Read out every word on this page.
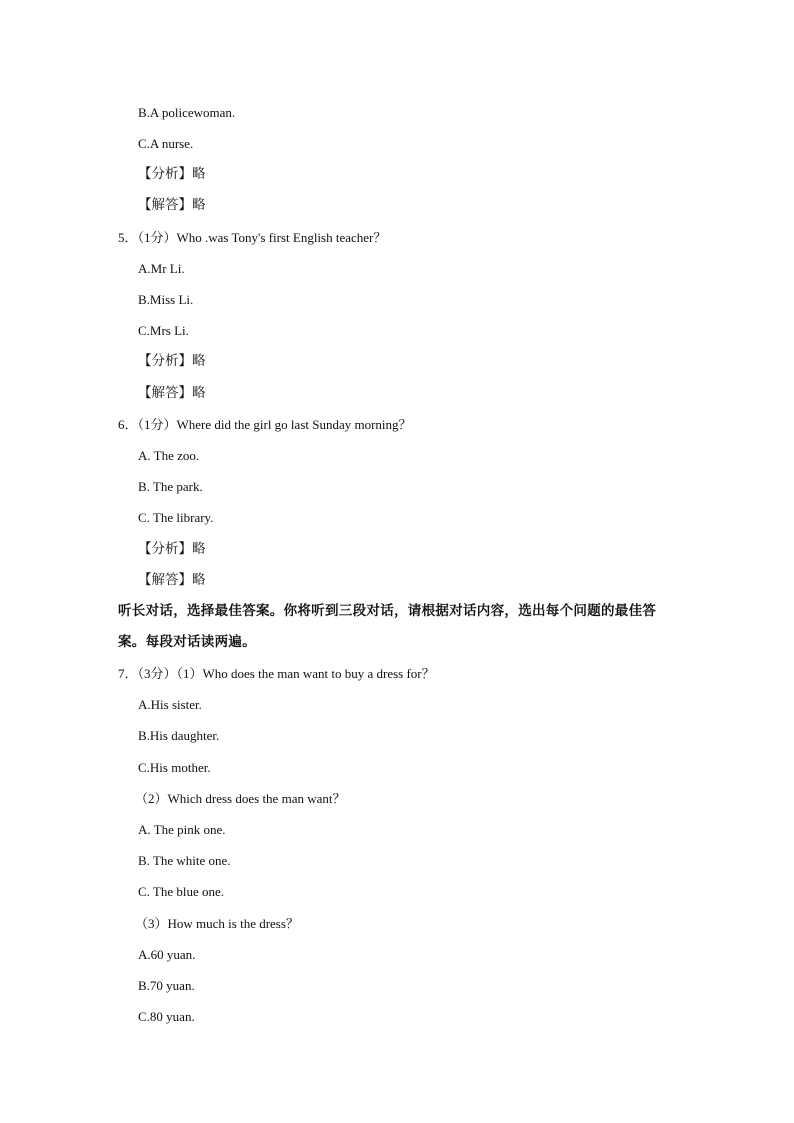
B.A policewoman.
C.A nurse.
【分析】略
【解答】略
5．（1分）Who .was Tony's first English teacher？
A.Mr Li.
B.Miss Li.
C.Mrs Li.
【分析】略
【解答】略
6．（1分）Where did the girl go last Sunday morning？
A. The zoo.
B. The park.
C. The library.
【分析】略
【解答】略
听长对话，选择最佳答案。你将听到三段对话，请根据对话内容，选出每个问题的最佳答
案。每段对话读两遍。
7．（3分）（1）Who does the man want to buy a dress for？
A.His sister.
B.His daughter.
C.His mother.
（2）Which dress does the man want？
A. The pink one.
B. The white one.
C. The blue one.
（3）How much is the dress？
A.60 yuan.
B.70 yuan.
C.80 yuan.
